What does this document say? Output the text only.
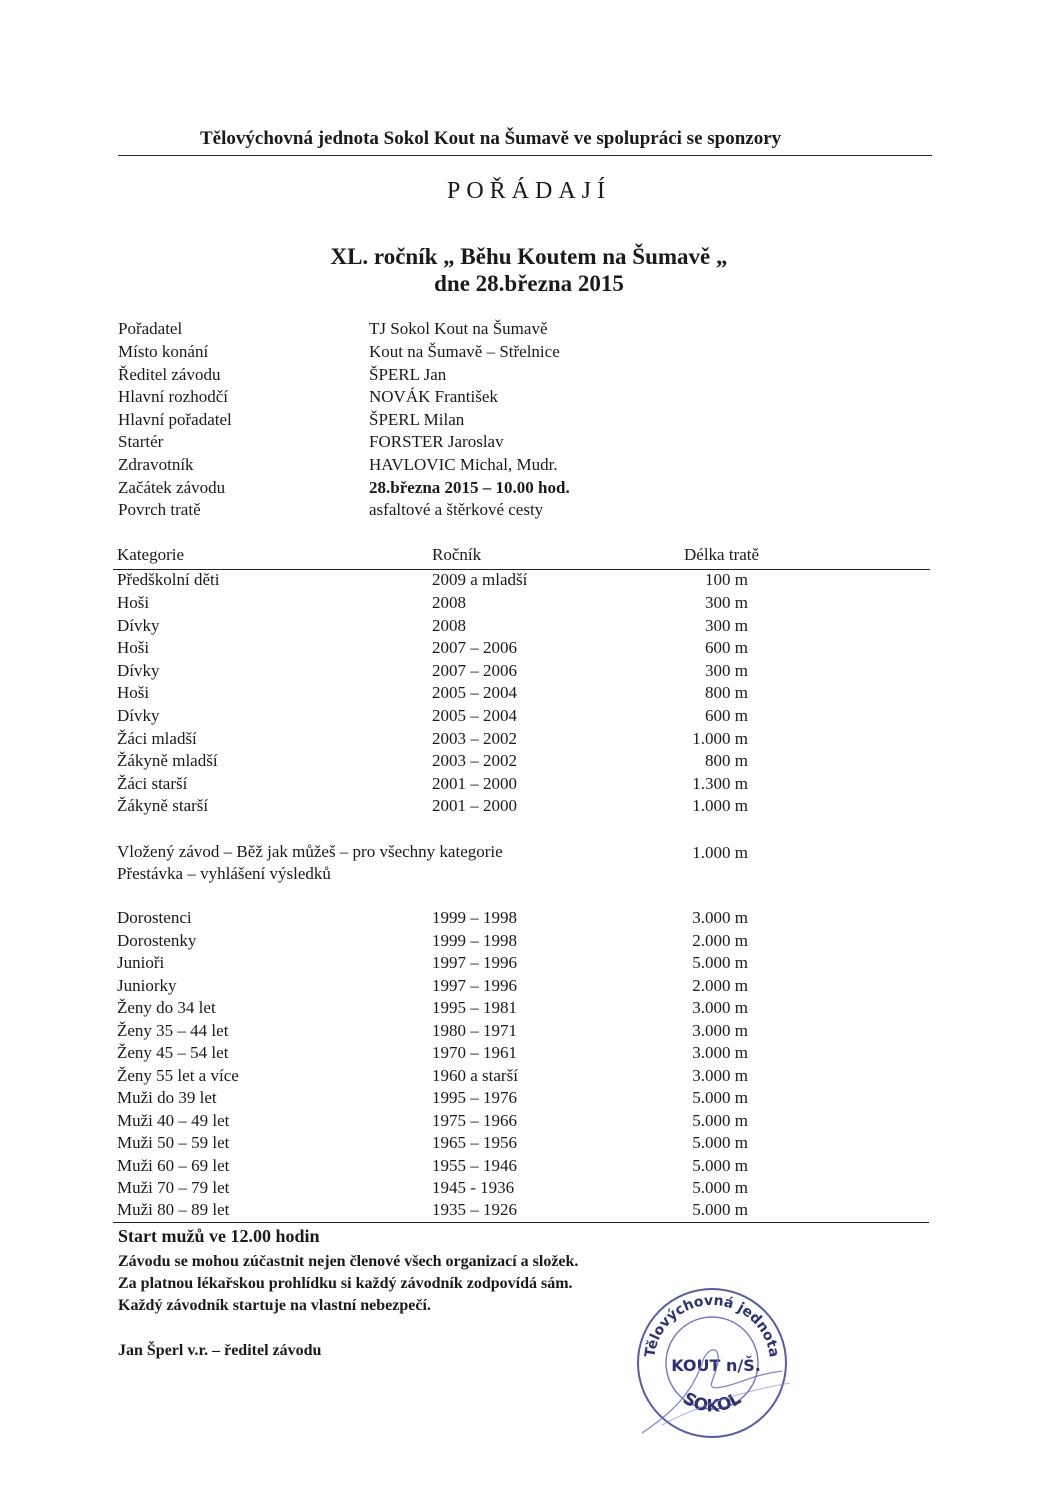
Tělovýchovná jednota Sokol Kout na Šumavě ve spolupráci se sponzory
POŘÁDAJÍ
XL. ročník „ Běhu Koutem na Šumavě „
dne 28.března 2015
Pořadatel	TJ Sokol Kout na Šumavě
Místo konání	Kout na Šumavě – Střelnice
Ředitel závodu	ŠPERL Jan
Hlavní rozhodčí	NOVÁK František
Hlavní pořadatel	ŠPERL Milan
Startér	FORSTER Jaroslav
Zdravotník	HAVLOVIC Michal, Mudr.
Začátek závodu	28.března 2015 – 10.00 hod.
Povrch tratě	asfaltové a štěrkové cesty
Kategorie	Ročník	Délka tratě
Předškolní děti	2009 a mladší	100 m
Hoši	2008	300 m
Dívky	2008	300 m
Hoši	2007 – 2006	600 m
Dívky	2007 – 2006	300 m
Hoši	2005 – 2004	800 m
Dívky	2005 – 2004	600 m
Žáci mladší	2003 – 2002	1.000 m
Žákyně mladší	2003 – 2002	800 m
Žáci starší	2001 – 2000	1.300 m
Žákyně starší	2001 – 2000	1.000 m
Vložený závod – Běž jak můžeš – pro všechny kategorie	1.000 m
Přestávka – vyhlášení výsledků
Dorostenci	1999 – 1998	3.000 m
Dorostenky	1999 – 1998	2.000 m
Junioři	1997 – 1996	5.000 m
Juniorky	1997 – 1996	2.000 m
Ženy do 34 let	1995 – 1981	3.000 m
Ženy 35 – 44 let	1980 – 1971	3.000 m
Ženy 45 – 54 let	1970 – 1961	3.000 m
Ženy 55 let a více	1960 a starší	3.000 m
Muži do 39 let	1995 – 1976	5.000 m
Muži 40 – 49 let	1975 – 1966	5.000 m
Muži 50 – 59 let	1965 – 1956	5.000 m
Muži 60 – 69 let	1955 – 1946	5.000 m
Muži 70 – 79 let	1945 - 1936	5.000 m
Muži 80 – 89 let	1935 – 1926	5.000 m
Start mužů ve 12.00 hodin
Závodu se mohou zúčastnit nejen členové všech organizací a složek.
Za platnou lékařskou prohlídku si každý závodník zodpovídá sám.
Každý závodník startuje na vlastní nebezpečí.
Jan Šperl v.r. – ředitel závodu	Tělovýchovná jednota
KOUT n/Š.
SOKOL
